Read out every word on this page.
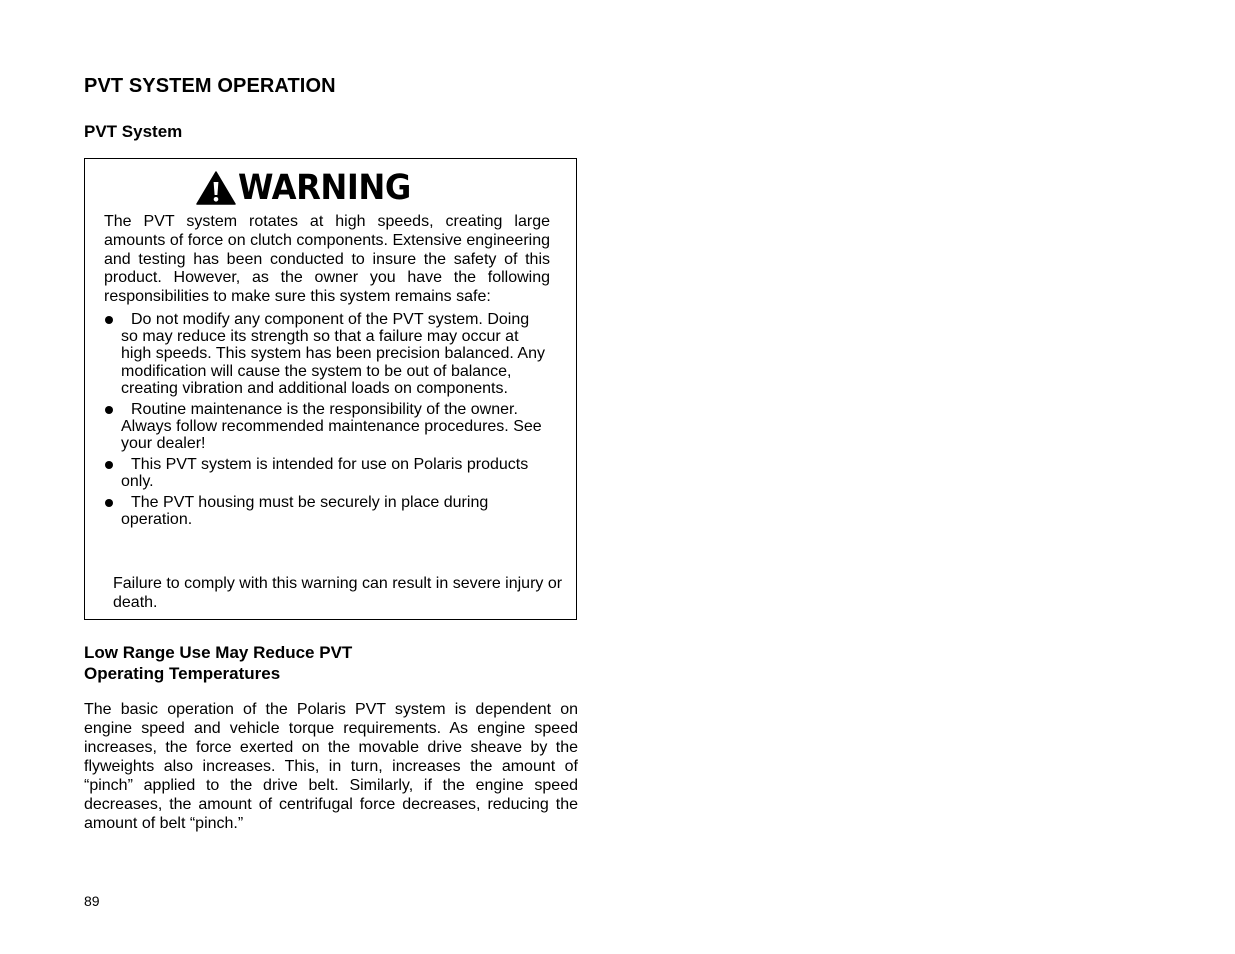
PVT SYSTEM OPERATION
PVT System
WARNING

The PVT system rotates at high speeds, creating large amounts of force on clutch components. Extensive engineering and testing has been conducted to insure the safety of this product. However, as the owner you have the following responsibilities to make sure this system remains safe:

Do not modify any component of the PVT system. Doing so may reduce its strength so that a failure may occur at high speeds. This system has been precision balanced. Any modification will cause the system to be out of balance, creating vibration and additional loads on components.
Routine maintenance is the responsibility of the owner. Always follow recommended maintenance procedures. See your dealer!
This PVT system is intended for use on Polaris products only.
The PVT housing must be securely in place during operation.

Failure to comply with this warning can result in severe injury or death.

Low Range Use May Reduce PVT
Operating Temperatures

The basic operation of the Polaris PVT system is dependent on engine speed and vehicle torque requirements. As engine speed increases, the force exerted on the movable drive sheave by the flyweights also increases. This, in turn, increases the amount of “pinch” applied to the drive belt. Similarly, if the engine speed decreases, the amount of centrifugal force decreases, reducing the amount of belt “pinch.”

89
